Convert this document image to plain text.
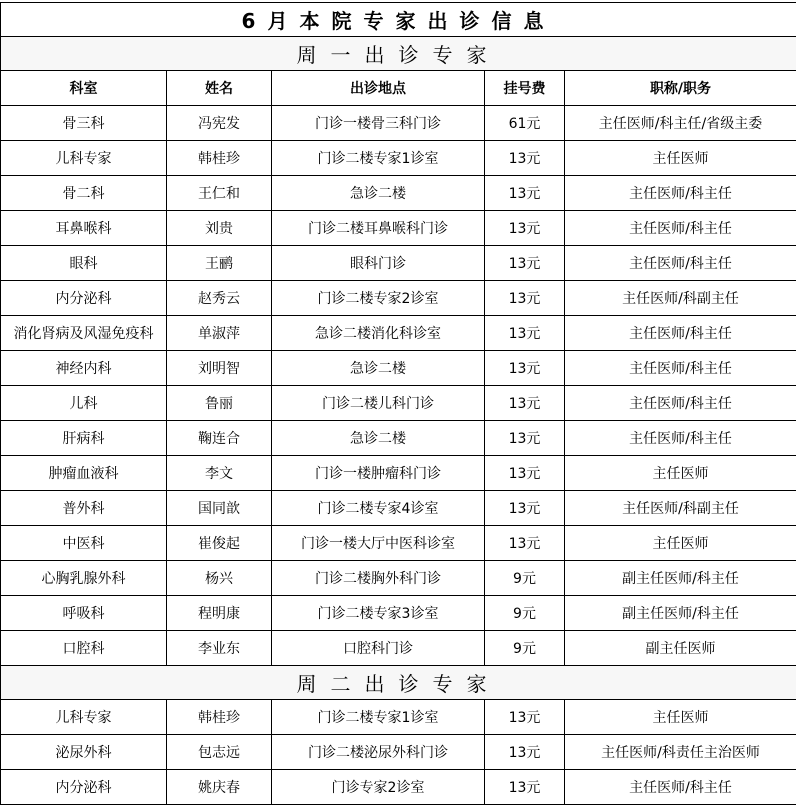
6月本院专家出诊信息				
周一出诊专家				
科室	姓名	出诊地点	挂号费	职称/职务
骨三科	冯宪发	门诊一楼骨三科门诊	61元	主任医师/科主任/省级主委
儿科专家	韩桂珍	门诊二楼专家1诊室	13元	主任医师
骨二科	王仁和	急诊二楼	13元	主任医师/科主任
耳鼻喉科	刘贵	门诊二楼耳鼻喉科门诊	13元	主任医师/科主任
眼科	王鹂	眼科门诊	13元	主任医师/科主任
内分泌科	赵秀云	门诊二楼专家2诊室	13元	主任医师/科副主任
消化肾病及风湿免疫科	单淑萍	急诊二楼消化科诊室	13元	主任医师/科主任
神经内科	刘明智	急诊二楼	13元	主任医师/科主任
儿科	鲁丽	门诊二楼儿科门诊	13元	主任医师/科主任
肝病科	鞠连合	急诊二楼	13元	主任医师/科主任
肿瘤血液科	李文	门诊一楼肿瘤科门诊	13元	主任医师
普外科	国同歆	门诊二楼专家4诊室	13元	主任医师/科副主任
中医科	崔俊起	门诊一楼大厅中医科诊室	13元	主任医师
心胸乳腺外科	杨兴	门诊二楼胸外科门诊	9元	副主任医师/科主任
呼吸科	程明康	门诊二楼专家3诊室	9元	副主任医师/科主任
口腔科	李业东	口腔科门诊	9元	副主任医师
周二出诊专家				
儿科专家	韩桂珍	门诊二楼专家1诊室	13元	主任医师
泌尿外科	包志远	门诊二楼泌尿外科门诊	13元	主任医师/科责任主治医师
内分泌科	姚庆春	门诊专家2诊室	13元	主任医师/科主任
